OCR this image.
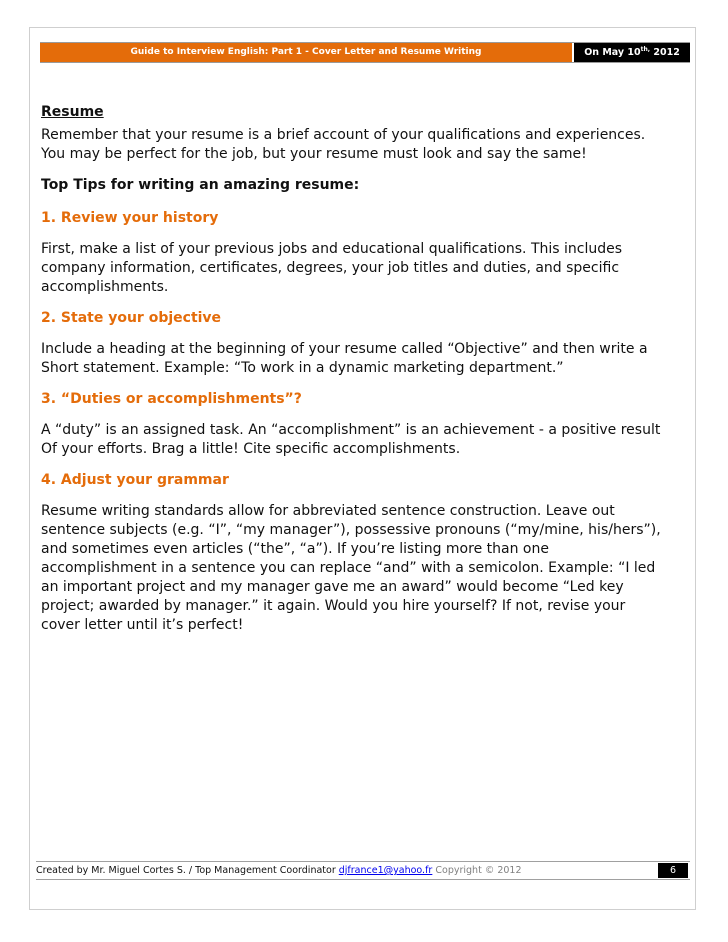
Guide to Interview English: Part 1 - Cover Letter and Resume Writing	On May $10^{th,}$ 2012

Resume

Remember that your resume is a brief account of your qualifications and experiences.
You may be perfect for the job, but your resume must look and say the same!

Top Tips for writing an amazing resume:

1. Review your history

First, make a list of your previous jobs and educational qualifications. This includes
company information, certificates, degrees, your job titles and duties, and specific
accomplishments.

2. State your objective

Include a heading at the beginning of your resume called “Objective” and then write a
Short statement. Example: “To work in a dynamic marketing department.”

3. “Duties or accomplishments”?

A “duty” is an assigned task. An “accomplishment” is an achievement - a positive result
Of your efforts. Brag a little! Cite specific accomplishments.

4. Adjust your grammar

Resume writing standards allow for abbreviated sentence construction. Leave out
sentence subjects (e.g. “I”, “my manager”), possessive pronouns (“my/mine, his/hers”),
and sometimes even articles (“the”, “a”). If you’re listing more than one
accomplishment in a sentence you can replace “and” with a semicolon. Example: “I led
an important project and my manager gave me an award” would become “Led key
project; awarded by manager.” it again. Would you hire yourself? If not, revise your
cover letter until it’s perfect!

Created by Mr. Miguel Cortes S. / Top Management Coordinator djfrance1@yahoo.fr Copyright © 2012	6
